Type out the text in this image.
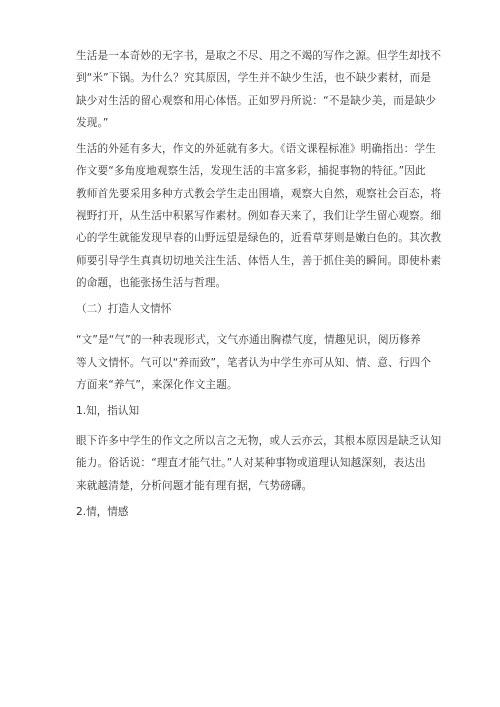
生活是一本奇妙的无字书，是取之不尽、用之不竭的写作之源。但学生却找不
到“米”下锅。为什么？究其原因，学生并不缺少生活，也不缺少素材，而是
缺少对生活的留心观察和用心体悟。正如罗丹所说：“不是缺少美，而是缺少
发现。”
生活的外延有多大，作文的外延就有多大。《语文课程标准》明确指出：学生
作文要“多角度地观察生活，发现生活的丰富多彩，捕捉事物的特征。”因此
教师首先要采用多种方式教会学生走出围墙，观察大自然，观察社会百态，将
视野打开，从生活中积累写作素材。例如春天来了，我们让学生留心观察。细
心的学生就能发现早春的山野远望是绿色的，近看草芽则是嫩白色的。其次教
师要引导学生真真切切地关注生活、体悟人生，善于抓住美的瞬间。即使朴素
的命题，也能张扬生活与哲理。
（二）打造人文情怀
“文”是“气”的一种表现形式，文气亦通出胸襟气度，情趣见识，阅历修养
等人文情怀。气可以“养而致”，笔者认为中学生亦可从知、情、意、行四个
方面来“养气”，来深化作文主题。
1.知，指认知
眼下许多中学生的作文之所以言之无物，或人云亦云，其根本原因是缺乏认知
能力。俗话说：“理直才能气壮。”人对某种事物或道理认知越深刻，表达出
来就越清楚，分析问题才能有理有据，气势磅礴。
2.情，情感
